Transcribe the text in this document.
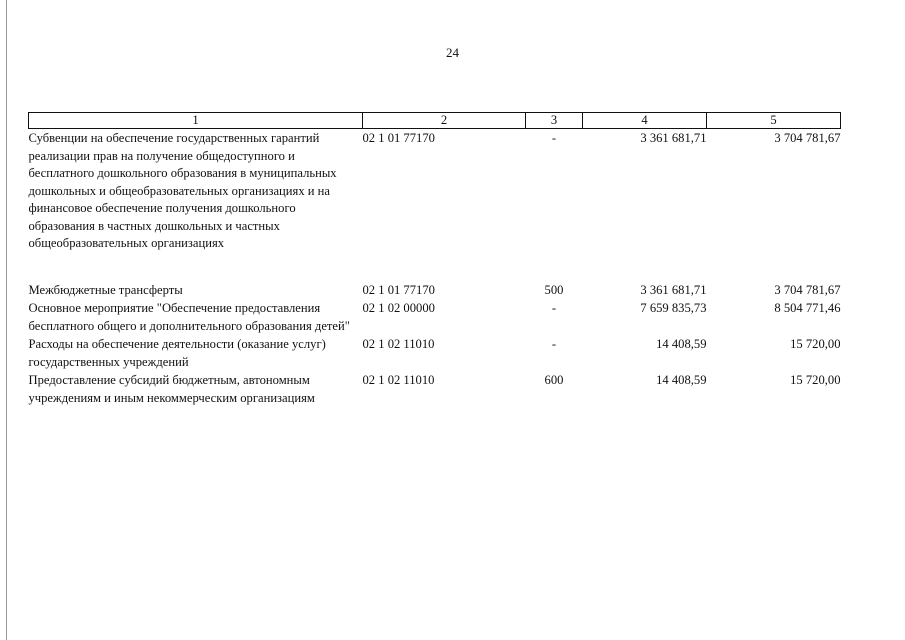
24
1	2	3	4	5
Субвенции на обеспечение государственных гарантий реализации прав на получение общедоступного и бесплатного дошкольного образования в муниципальных дошкольных и общеобразовательных организациях и на финансовое обеспечение получения дошкольного образования в частных дошкольных и частных общеобразовательных организациях	02 1 01 77170	-	3 361 681,71	3 704 781,67
Межбюджетные трансферты	02 1 01 77170	500	3 361 681,71	3 704 781,67
Основное мероприятие "Обеспечение предоставления бесплатного общего и дополнительного образования детей"	02 1 02 00000	-	7 659 835,73	8 504 771,46
Расходы на обеспечение деятельности (оказание услуг) государственных учреждений	02 1 02 11010	-	14 408,59	15 720,00
Предоставление субсидий бюджетным, автономным учреждениям и иным некоммерческим организациям	02 1 02 11010	600	14 408,59	15 720,00
